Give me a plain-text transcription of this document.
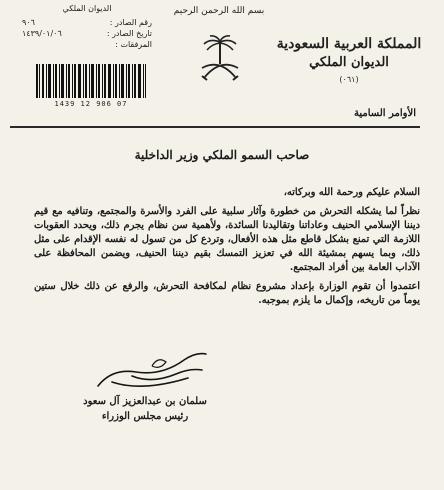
المملكة العربية السعودية
الديوان الملكي
(٠٦١)
الأوامر السامية
بسم الله الرحمن الرحيم
الديوان الملكي
رقم الصادر :
٩٠٦
تاريخ الصادر :
١٤٣٩/٠١/٠٦
المرفقات :
1439 12 906 07
صاحب السمو الملكي وزير الداخلية

السلام عليكم ورحمة الله وبركاته،

نظراً لما يشكله التحرش من خطورة وآثار سلبية على الفرد والأسرة والمجتمع، وتنافيه مع قيم ديننا الإسلامي الحنيف وعاداتنا وتقاليدنا السائدة، ولأهمية سن نظام يجرم ذلك، ويحدد العقوبات اللازمة التي تمنع بشكل قاطع مثل هذه الأفعال، وتردع كل من تسول له نفسه الإقدام على مثل ذلك، وبما يسهم بمشيئة الله في تعزيز التمسك بقيم ديننا الحنيف، ويضمن المحافظة على الآداب العامة بين أفراد المجتمع.

اعتمدوا أن تقوم الوزارة بإعداد مشروع نظام لمكافحة التحرش، والرفع عن ذلك خلال ستين يوماً من تاريخه، وإكمال ما يلزم بموجبه.

سلمان بن عبدالعزيز آل سعود
رئيس مجلس الوزراء
